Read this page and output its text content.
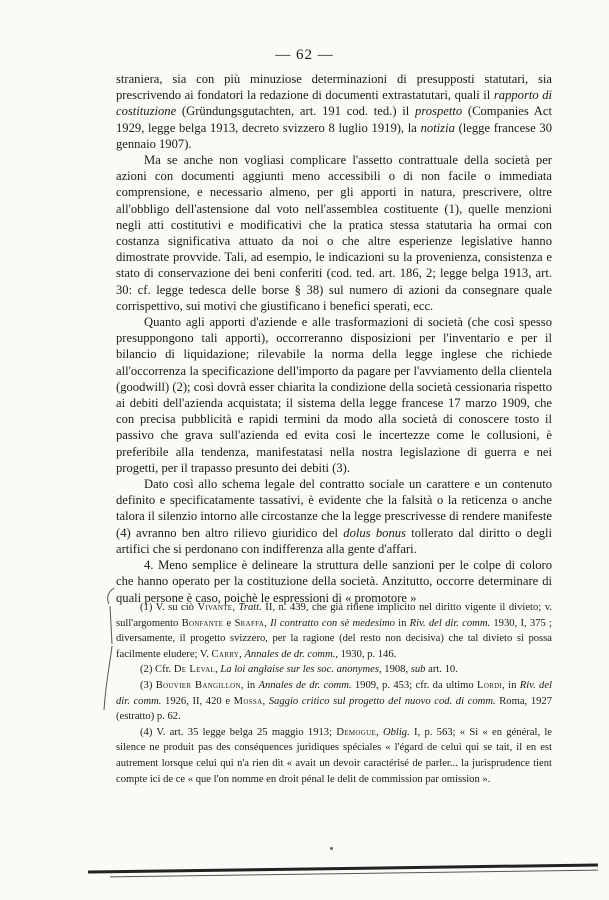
— 62 —

straniera, sia con più minuziose determinazioni di presupposti statutari, sia prescrivendo ai fondatori la redazione di documenti extrastatutari, quali il rapporto di costituzione (Gründungsgutachten, art. 191 cod. ted.) il prospetto (Companies Act 1929, legge belga 1913, decreto svizzero 8 luglio 1919), la notizia (legge francese 30 gennaio 1907).

Ma se anche non vogliasi complicare l'assetto contrattuale della società per azioni con documenti aggiunti meno accessibili o di non facile o immediata comprensione, e necessario almeno, per gli apporti in natura, prescrivere, oltre all'obbligo dell'astensione dal voto nell'assemblea costituente (1), quelle menzioni negli atti costitutivi e modificativi che la pratica stessa statutaria ha ormai con costanza significativa attuato da noi o che altre esperienze legislative hanno dimostrate provvide. Tali, ad esempio, le indicazioni su la provenienza, consistenza e stato di conservazione dei beni conferiti (cod. ted. art. 186, 2; legge belga 1913, art. 30: cf. legge tedesca delle borse § 38) sul numero di azioni da consegnare quale corrispettivo, sui motivi che giustificano i benefici sperati, ecc.

Quanto agli apporti d'aziende e alle trasformazioni di società (che così spesso presuppongono tali apporti), occorreranno disposizioni per l'inventario e per il bilancio di liquidazione; rilevabile la norma della legge inglese che richiede all'occorrenza la specificazione dell'importo da pagare per l'avviamento della clientela (goodwill) (2); così dovrà esser chiarita la condizione della società cessionaria rispetto ai debiti dell'azienda acquistata; il sistema della legge francese 17 marzo 1909, che con precisa pubblicità e rapidi termini da modo alla società di conoscere tosto il passivo che grava sull'azienda ed evita così le incertezze come le collusioni, è preferibile alla tendenza, manifestatasi nella nostra legislazione di guerra e nei progetti, per il trapasso presunto dei debiti (3).

Dato così allo schema legale del contratto sociale un carattere e un contenuto definito e specificatamente tassativi, è evidente che la falsità o la reticenza o anche talora il silenzio intorno alle circostanze che la legge prescrivesse di rendere manifeste (4) avranno ben altro rilievo giuridico del dolus bonus tollerato dal diritto o degli artifici che si perdonano con indifferenza alla gente d'affari.

4. Meno semplice è delineare la struttura delle sanzioni per le colpe di coloro che hanno operato per la costituzione della società. Anzitutto, occorre determinare di quali persone è caso, poichè le espressioni di « promotore »

(1) V. su ciò Vivante, Tratt. II, n. 439, che già ritiene implicito nel diritto vigente il divieto; v. sull'argomento Bonfante e Sraffa, Il contratto con sè medesimo in Riv. del dir. comm. 1930, I, 375 ; diversamente, il progetto svizzero, per la ragione (del resto non decisiva) che tal divieto si possa facilmente eludere; V. Carry, Annales de dr. comm., 1930, p. 146.

(2) Cfr. De Leval, La loi anglaise sur les soc. anonymes, 1908, sub art. 10.

(3) Bouvier Bangillon, in Annales de dr. comm. 1909, p. 453; cfr. da ultimo Lordi, in Riv. del dir. comm. 1926, II, 420 e Mossa, Saggio critico sul progetto del nuovo cod. di comm. Roma, 1927 (estratto) p. 62.

(4) V. art. 35 legge belga 25 maggio 1913; Demogue, Oblig. I, p. 563; « Si « en général, le silence ne produit pas des conséquences juridiques spéciales « l'égard de celui qui se tait, il en est autrement lorsque celui qui n'a rien dit « avait un devoir caractérisé de parler... la jurisprudence tient compte ici de ce « que l'on nomme en droit pénal le delit de commission par omission ».
